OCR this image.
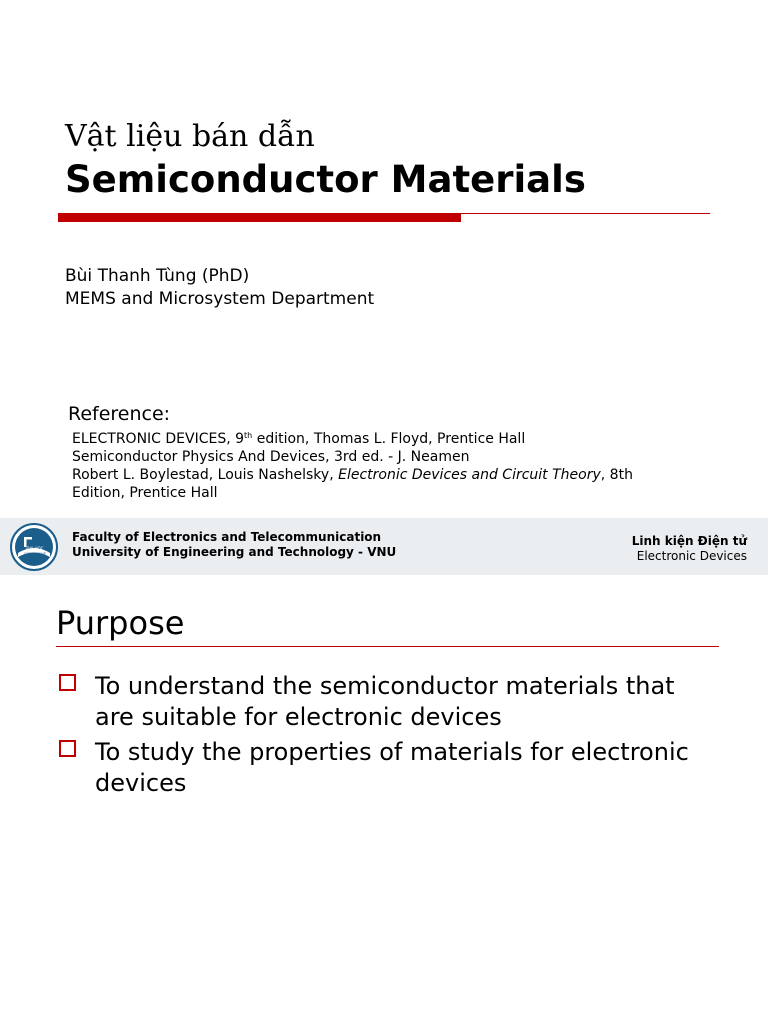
Vật liệu bán dẫn
Semiconductor Materials
Bùi Thanh Tùng (PhD)
MEMS and Microsystem Department
Reference:
ELECTRONIC DEVICES, 9th edition, Thomas L. Floyd, Prentice Hall
Semiconductor Physics And Devices, 3rd ed. - J. Neamen
Robert L. Boylestad, Louis Nashelsky, Electronic Devices and Circuit Theory, 8th
Edition, Prentice Hall
ĐẠI HỌC
CÔNG NGHỆ
Faculty of Electronics and Telecommunication
University of Engineering and Technology - VNU
Linh kiện Điện tử
Electronic Devices
Purpose
To understand the semiconductor materials that are suitable for electronic devices
To study the properties of materials for electronic devices
